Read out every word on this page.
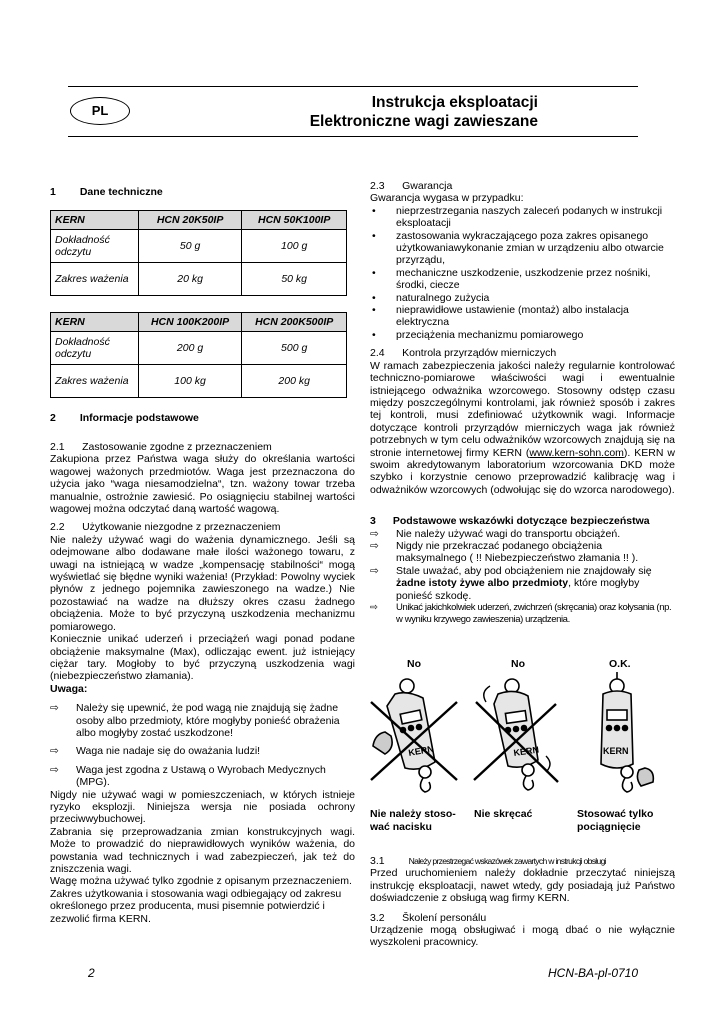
PL	Instrukcja eksploatacji
Elektroniczne wagi zawieszane
1 Dane techniczne
KERN	HCN 20K50IP	HCN 50K100IP
Dokładność odczytu	50 g	100 g
Zakres ważenia	20 kg	50 kg
KERN	HCN 100K200IP	HCN 200K500IP
Dokładność odczytu	200 g	500 g
Zakres ważenia	100 kg	200 kg
2 Informacje podstawowe

2.1      Zastosowanie zgodne z przeznaczeniem

Zakupiona przez Państwa waga służy do określania wartości wagowej ważonych przedmiotów. Waga jest przeznaczona do użycia jako “waga niesamodzielna“, tzn. ważony towar trzeba manualnie, ostrożnie zawiesić. Po osiągnięciu stabilnej wartości wagowej można odczytać daną wartość wagową.

2.2      Użytkowanie niezgodne z przeznaczeniem

Nie należy używać wagi do ważenia dynamicznego. Jeśli są odejmowane albo dodawane małe ilości ważonego towaru, z uwagi na istniejącą w wadze „kompensację stabilności“ mogą wyświetlać się błędne wyniki ważenia! (Przykład: Powolny wyciek płynów z jednego pojemnika zawieszonego na wadze.) Nie pozostawiać na wadze na dłuższy okres czasu żadnego obciążenia. Może to być przyczyną uszkodzenia mechanizmu pomiarowego.

Koniecznie unikać uderzeń i przeciążeń wagi ponad podane obciążenie maksymalne (Max), odliczając ewent. już istniejący ciężar tary. Mogłoby to być przyczyną uszkodzenia wagi (niebezpieczeństwo złamania).

Uwaga:

⇨ Należy się upewnić, że pod wagą nie znajdują się żadne osoby albo przedmioty, które mogłyby ponieść obrażenia albo mogłyby zostać uszkodzone!
⇨ Waga nie nadaje się do oważania ludzi!
⇨ Waga jest zgodna z Ustawą o Wyrobach Medycznych (MPG).

Nigdy nie używać wagi w pomieszczeniach, w których istnieje ryzyko eksplozji. Niniejsza wersja nie posiada ochrony przeciwwybuchowej.

Zabrania się przeprowadzania zmian konstrukcyjnych wagi. Może to prowadzić do nieprawidłowych wyników ważenia, do powstania wad technicznych i wad zabezpieczeń, jak też do zniszczenia wagi.

Wagę można używać tylko zgodnie z opisanym przeznaczeniem.

Zakres użytkowania i stosowania wagi odbiegający od zakresu określonego przez producenta, musi pisemnie potwierdzić i zezwolić firma KERN.

2.3      Gwarancja

Gwarancja wygasa w przypadku:

• nieprzestrzegania naszych zaleceń podanych w instrukcji eksploatacji
• zastosowania wykraczającego poza zakres opisanego użytkowaniawykonanie zmian w urządzeniu albo otwarcie przyrządu,
• mechaniczne uszkodzenie, uszkodzenie przez nośniki, środki, ciecze
• naturalnego zużycia
• nieprawidłowe ustawienie (montaż) albo instalacja elektryczna
• przeciążenia mechanizmu pomiarowego

2.4      Kontrola przyrządów mierniczych

W ramach zabezpieczenia jakości należy regularnie kontrolować techniczno-pomiarowe właściwości wagi i ewentualnie istniejącego odważnika wzorcowego. Stosowny odstęp czasu między poszczególnymi kontrolami, jak również sposób i zakres tej kontroli, musi zdefiniować użytkownik wagi. Informacje dotyczące kontroli przyrządów mierniczych waga jak również potrzebnych w tym celu odważników wzorcowych znajdują się na stronie internetowej firmy KERN (www.kern-sohn.com). KERN w swoim akredytowanym laboratorium wzorcowania DKD może szybko i korzystnie cenowo przeprowadzić kalibrację wag i odważników wzorcowych (odwołując się do wzorca narodowego).

3 Podstawowe wskazówki dotyczące bezpieczeństwa

⇨ Nie należy używać wagi do transportu obciążeń.
⇨ Nigdy nie przekraczać podanego obciążenia maksymalnego ( !! Niebezpieczeństwo złamania !! ).
⇨ Stale uważać, aby pod obciążeniem nie znajdowały się żadne istoty żywe albo przedmioty, które mogłyby ponieść szkodę.
⇨ Unikać jakichkolwiek uderzeń, zwichrzeń (skręcania) oraz kołysania (np. w wyniku krzywego zawieszenia) urządzenia.
No	No	O.K.
KERN	KERN	KERN
Nie należy stoso-
wać nacisku
Nie skręcać	Stosować tylko
pociągnięcie

3.1	Należy przestrzegać wskazówek zawartych w instrukcji obsługi

Przed uruchomieniem należy dokładnie przeczytać niniejszą instrukcję eksploatacji, nawet wtedy, gdy posiadają już Państwo doświadczenie z obsługą wag firmy KERN.

3.2      Školení personálu

Urządzenie mogą obsługiwać i mogą dbać o nie wyłącznie wyszkoleni pracownicy.

2	HCN-BA-pl-0710
